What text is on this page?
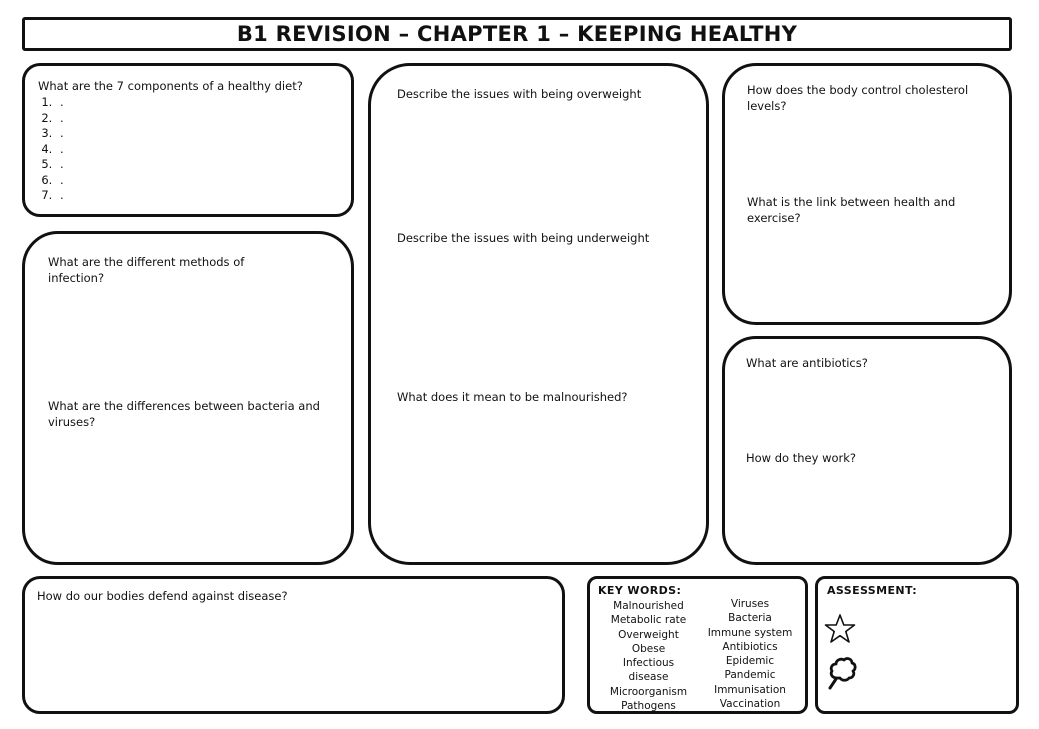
B1 REVISION – CHAPTER 1 – KEEPING HEALTHY

What are the 7 components of a healthy diet?

1. .
2. .
3. .
4. .
5. .
6. .
7. .

What are the different methods of infection?

What are the differences between bacteria and viruses?

Describe the issues with being overweight

Describe the issues with being underweight

What does it mean to be malnourished?

How does the body control cholesterol levels?

What is the link between health and exercise?

What are antibiotics?

How do they work?

How do our bodies defend against disease?	KEY WORDS:
Malnourished
Metabolic rate
Overweight
Obese
Infectious
disease
Microorganism
Pathogens
Viruses
Bacteria
Immune system
Antibiotics
Epidemic
Pandemic
Immunisation
Vaccination
ASSESSMENT:
